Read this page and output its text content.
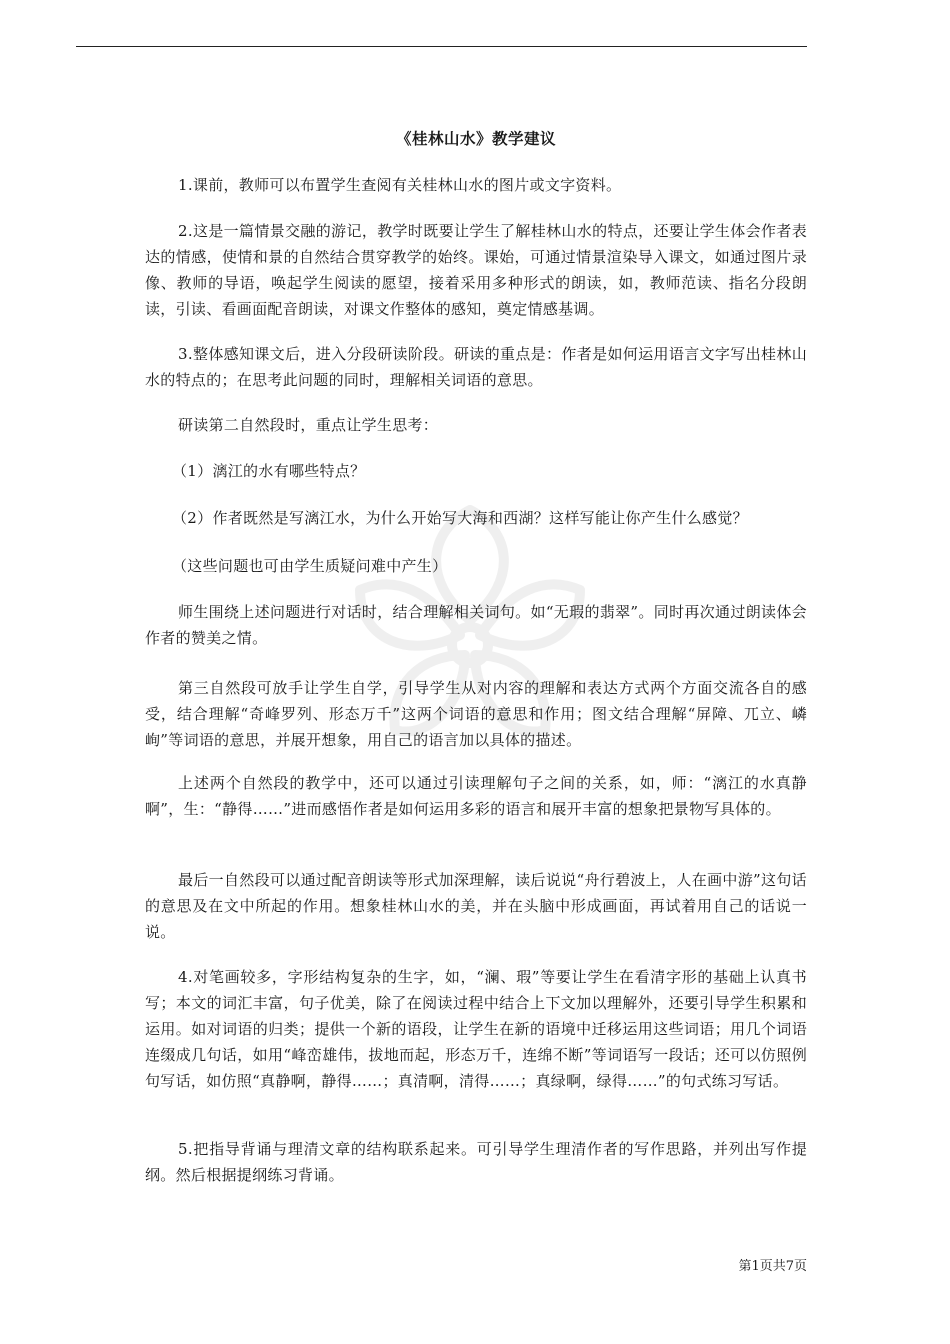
《桂林山水》教学建议

1.课前，教师可以布置学生查阅有关桂林山水的图片或文字资料。

2.这是一篇情景交融的游记，教学时既要让学生了解桂林山水的特点，还要让学生体会作者表达的情感，使情和景的自然结合贯穿教学的始终。课始，可通过情景渲染导入课文，如通过图片录像、教师的导语，唤起学生阅读的愿望，接着采用多种形式的朗读，如，教师范读、指名分段朗读，引读、看画面配音朗读，对课文作整体的感知，奠定情感基调。

3.整体感知课文后，进入分段研读阶段。研读的重点是：作者是如何运用语言文字写出桂林山水的特点的；在思考此问题的同时，理解相关词语的意思。

研读第二自然段时，重点让学生思考：

（1）漓江的水有哪些特点？

（2）作者既然是写漓江水，为什么开始写大海和西湖？这样写能让你产生什么感觉？

（这些问题也可由学生质疑问难中产生）

师生围绕上述问题进行对话时，结合理解相关词句。如“无瑕的翡翠”。同时再次通过朗读体会作者的赞美之情。

第三自然段可放手让学生自学，引导学生从对内容的理解和表达方式两个方面交流各自的感受，结合理解“奇峰罗列、形态万千”这两个词语的意思和作用；图文结合理解“屏障、兀立、嶙峋”等词语的意思，并展开想象，用自己的语言加以具体的描述。

上述两个自然段的教学中，还可以通过引读理解句子之间的关系，如，师：“漓江的水真静啊”，生：“静得……”进而感悟作者是如何运用多彩的语言和展开丰富的想象把景物写具体的。

最后一自然段可以通过配音朗读等形式加深理解，读后说说“舟行碧波上，人在画中游”这句话的意思及在文中所起的作用。想象桂林山水的美，并在头脑中形成画面，再试着用自己的话说一说。

4.对笔画较多，字形结构复杂的生字，如，“澜、瑕”等要让学生在看清字形的基础上认真书写；本文的词汇丰富，句子优美，除了在阅读过程中结合上下文加以理解外，还要引导学生积累和运用。如对词语的归类；提供一个新的语段，让学生在新的语境中迁移运用这些词语；用几个词语连缀成几句话，如用“峰峦雄伟，拔地而起，形态万千，连绵不断”等词语写一段话；还可以仿照例句写话，如仿照“真静啊，静得……；真清啊，清得……；真绿啊，绿得……”的句式练习写话。

5.把指导背诵与理清文章的结构联系起来。可引导学生理清作者的写作思路，并列出写作提纲。然后根据提纲练习背诵。

第1页共7页
